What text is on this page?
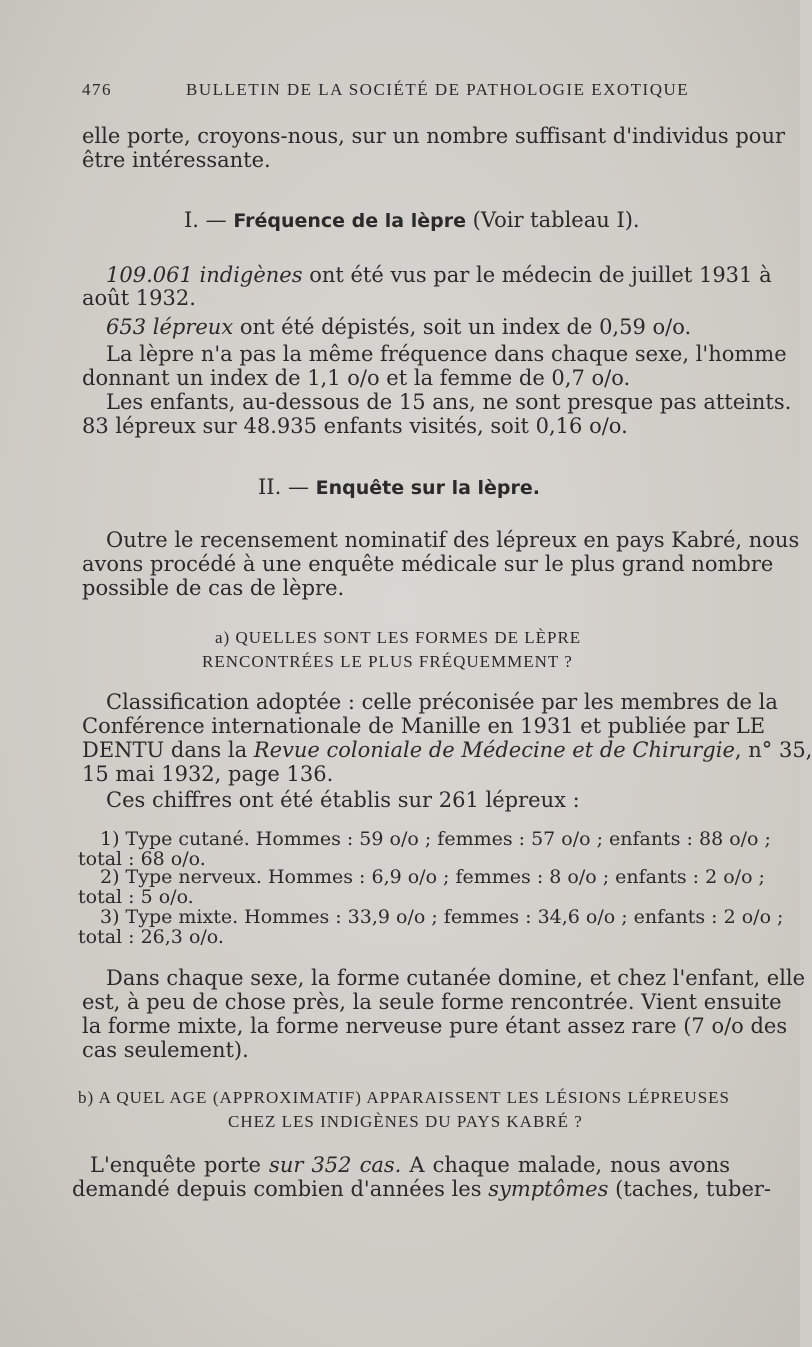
476	BULLETIN DE LA SOCIÉTÉ DE PATHOLOGIE EXOTIQUE
elle porte, croyons-nous, sur un nombre suffisant d'individus pour
être intéressante.
I. — Fréquence de la lèpre (Voir tableau I).
109.061 indigènes ont été vus par le médecin de juillet 1931 à
août 1932.
653 lépreux ont été dépistés, soit un index de 0,59 o/o.
La lèpre n'a pas la même fréquence dans chaque sexe, l'homme
donnant un index de 1,1 o/o et la femme de 0,7 o/o.
Les enfants, au-dessous de 15 ans, ne sont presque pas atteints.
83 lépreux sur 48.935 enfants visités, soit 0,16 o/o.
II. — Enquête sur la lèpre.
Outre le recensement nominatif des lépreux en pays Kabré, nous
avons procédé à une enquête médicale sur le plus grand nombre
possible de cas de lèpre.
a) QUELLES SONT LES FORMES DE LÈPRE
RENCONTRÉES LE PLUS FRÉQUEMMENT ?
Classification adoptée : celle préconisée par les membres de la
Conférence internationale de Manille en 1931 et publiée par LE
DENTU dans la Revue coloniale de Médecine et de Chirurgie, n° 35,
15 mai 1932, page 136.
Ces chiffres ont été établis sur 261 lépreux :
1) Type cutané. Hommes : 59 o/o ; femmes : 57 o/o ; enfants : 88 o/o ;
total : 68 o/o.
2) Type nerveux. Hommes : 6,9 o/o ; femmes : 8 o/o ; enfants : 2 o/o ;
total : 5 o/o.
3) Type mixte. Hommes : 33,9 o/o ; femmes : 34,6 o/o ; enfants : 2 o/o ;
total : 26,3 o/o.
Dans chaque sexe, la forme cutanée domine, et chez l'enfant, elle
est, à peu de chose près, la seule forme rencontrée. Vient ensuite
la forme mixte, la forme nerveuse pure étant assez rare (7 o/o des
cas seulement).
b) A QUEL AGE (APPROXIMATIF) APPARAISSENT LES LÉSIONS LÉPREUSES
CHEZ LES INDIGÈNES DU PAYS KABRÉ ?
L'enquête porte sur 352 cas. A chaque malade, nous avons
demandé depuis combien d'années les symptômes (taches, tuber-
